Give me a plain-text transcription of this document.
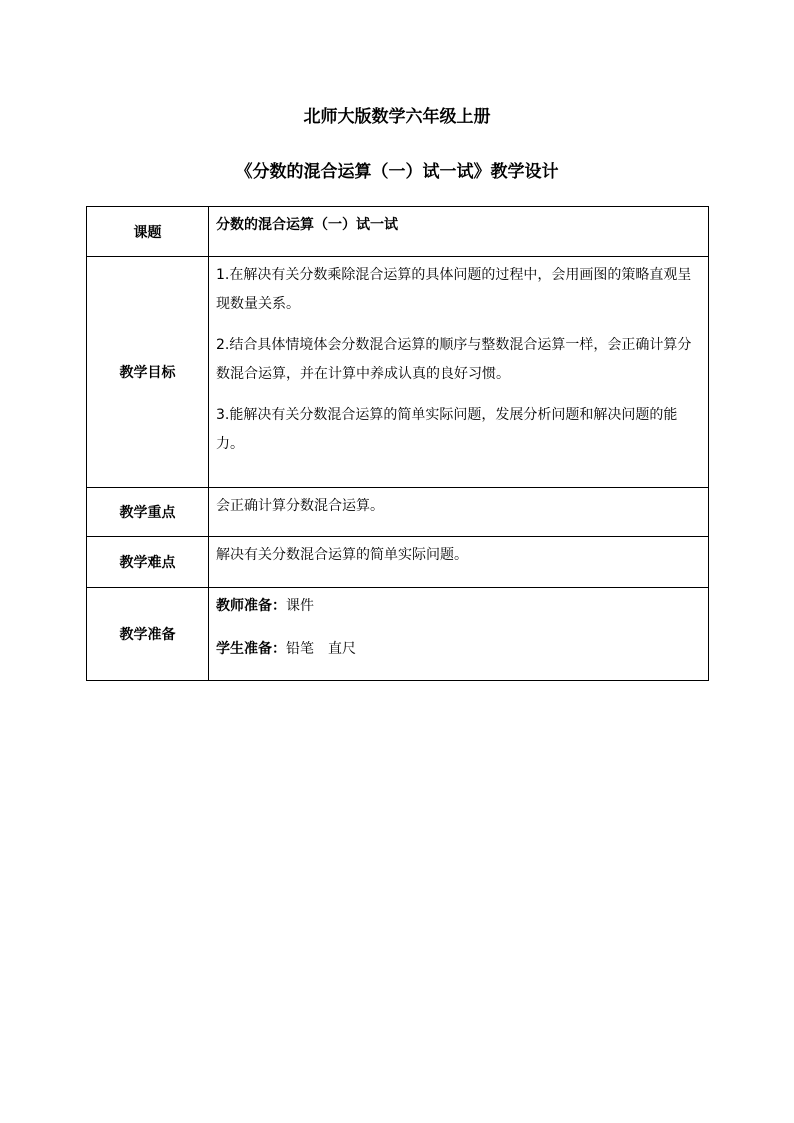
北师大版数学六年级上册
《分数的混合运算（一）试一试》教学设计
课题	分数的混合运算（一）试一试
教学目标	1.在解决有关分数乘除混合运算的具体问题的过程中，会用画图的策略直观呈现数量关系。

2.结合具体情境体会分数混合运算的顺序与整数混合运算一样，会正确计算分数混合运算，并在计算中养成认真的良好习惯。

3.能解决有关分数混合运算的简单实际问题，发展分析问题和解决问题的能力。

教学重点	会正确计算分数混合运算。
教学难点	解决有关分数混合运算的简单实际问题。
教学准备	教师准备：课件

学生准备：铅笔　直尺
